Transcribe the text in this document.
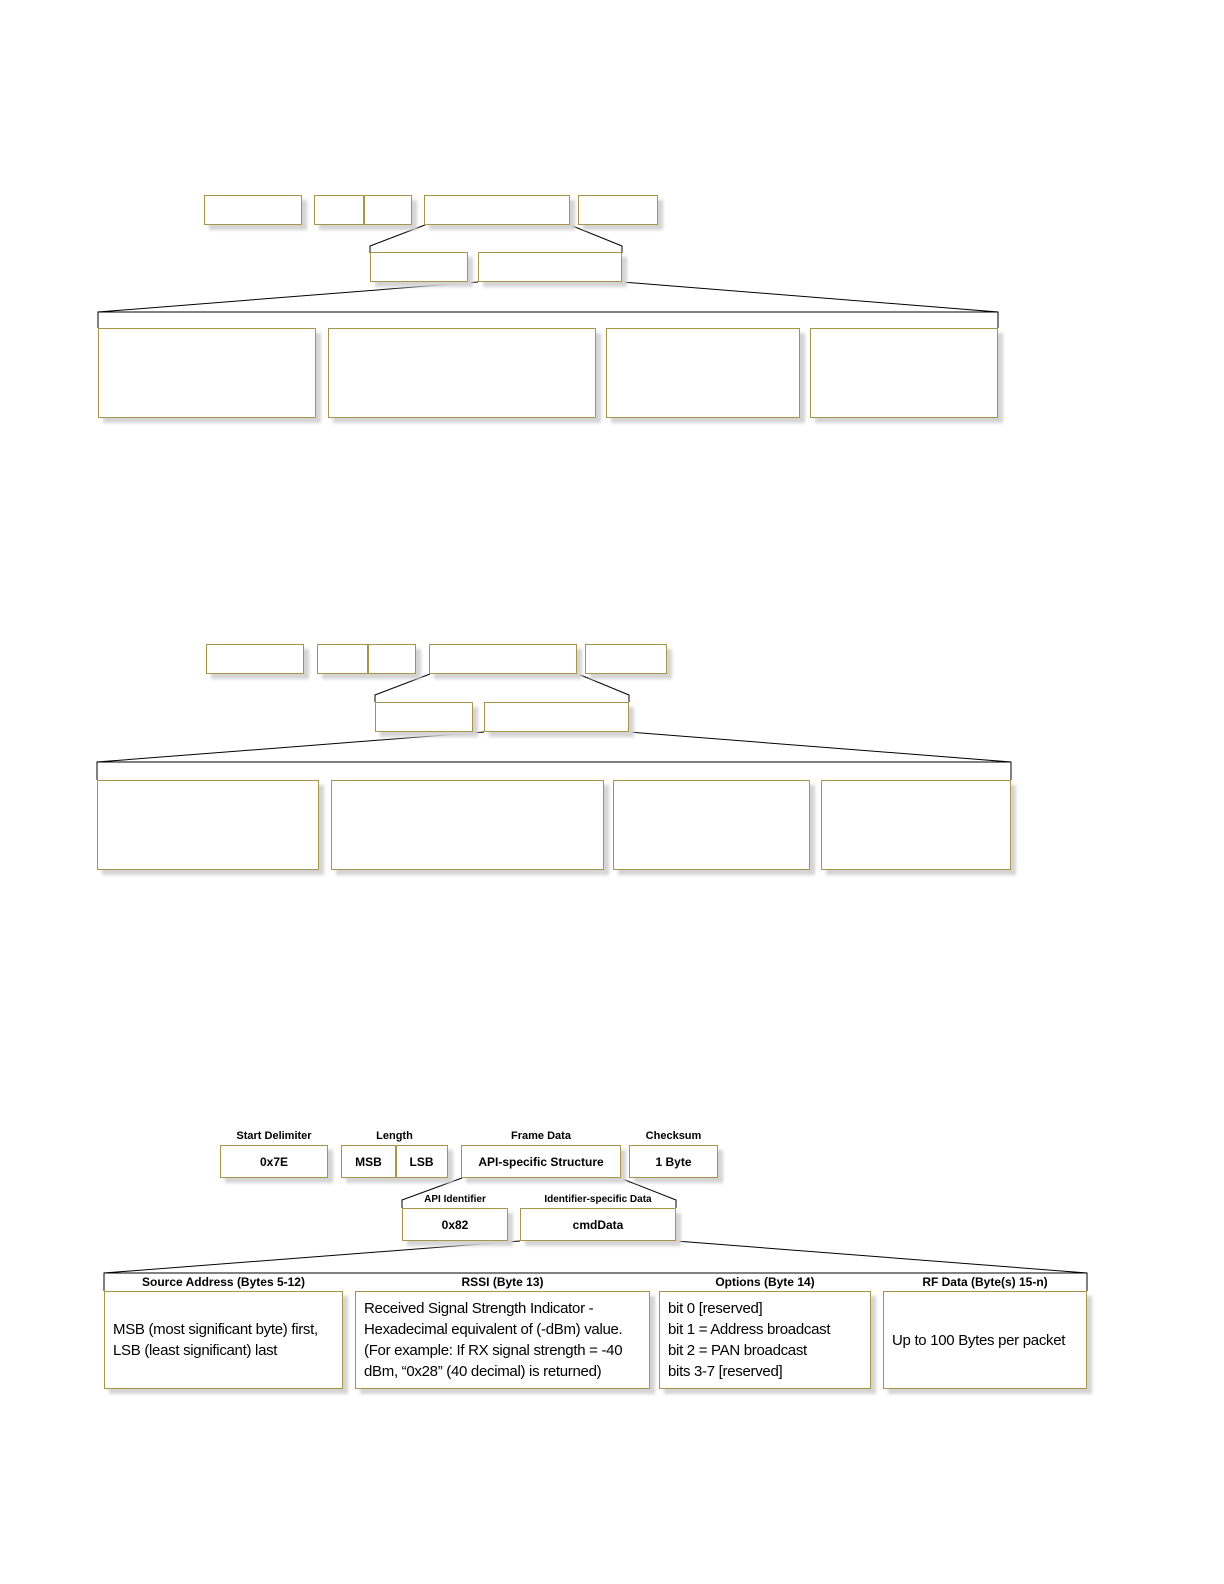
Start Delimiter	Length	Frame Data	Checksum
0x7E	MSB	LSB	API-specific Structure	1 Byte
API Identifier	Identifier-specific Data
0x82	cmdData
Source Address (Bytes 5-12)	RSSI (Byte 13)	Options (Byte 14)	RF Data (Byte(s) 15-n)
MSB (most significant byte) first,
LSB (least significant) last
Received Signal Strength Indicator -
Hexadecimal equivalent of (-dBm) value.
(For example: If RX signal strength = -40
dBm, “0x28” (40 decimal) is returned)
bit 0 [reserved]
bit 1 = Address broadcast
bit 2 = PAN broadcast
bits 3-7 [reserved]
Up to 100 Bytes per packet
